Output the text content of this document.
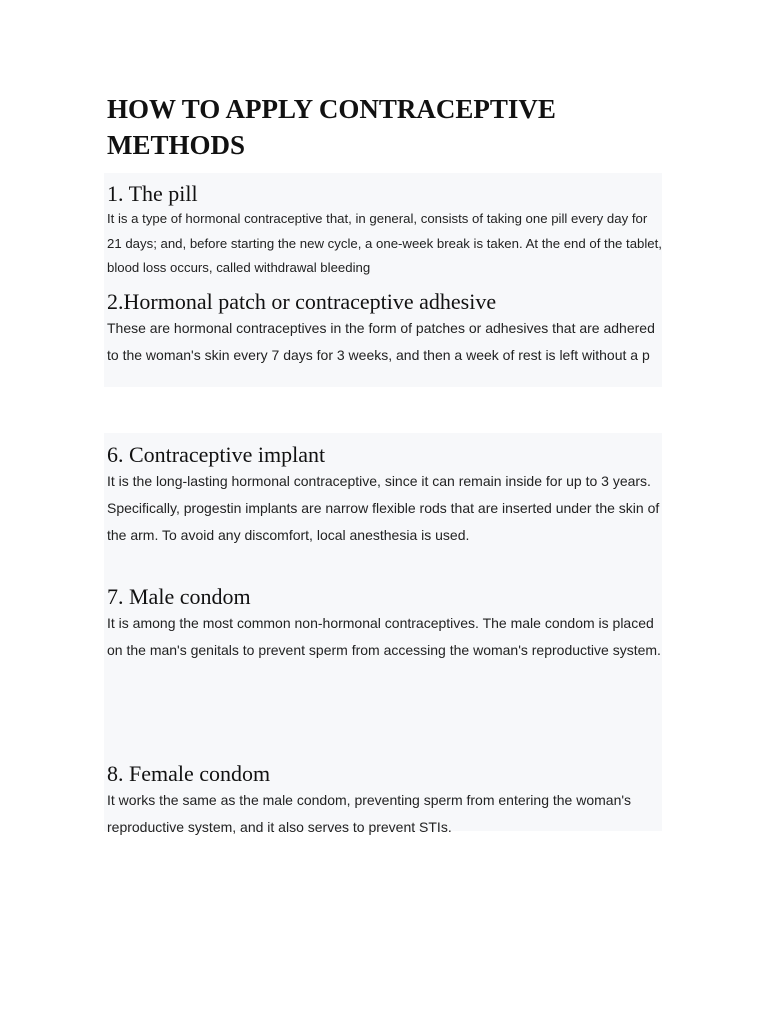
HOW TO APPLY CONTRACEPTIVE METHODS
1. The pill

It is a type of hormonal contraceptive that, in general, consists of taking one pill every day for 21 days; and, before starting the new cycle, a one-week break is taken. At the end of the tablet, blood loss occurs, called withdrawal bleeding

2.Hormonal patch or contraceptive adhesive

These are hormonal contraceptives in the form of patches or adhesives that are adhered to the woman's skin every 7 days for 3 weeks, and then a week of rest is left without a p

6. Contraceptive implant

It is the long-lasting hormonal contraceptive, since it can remain inside for up to 3 years. Specifically, progestin implants are narrow flexible rods that are inserted under the skin of the arm. To avoid any discomfort, local anesthesia is used.

7. Male condom

It is among the most common non-hormonal contraceptives. The male condom is placed on the man's genitals to prevent sperm from accessing the woman's reproductive system.

8. Female condom

It works the same as the male condom, preventing sperm from entering the woman's reproductive system, and it also serves to prevent STIs.
